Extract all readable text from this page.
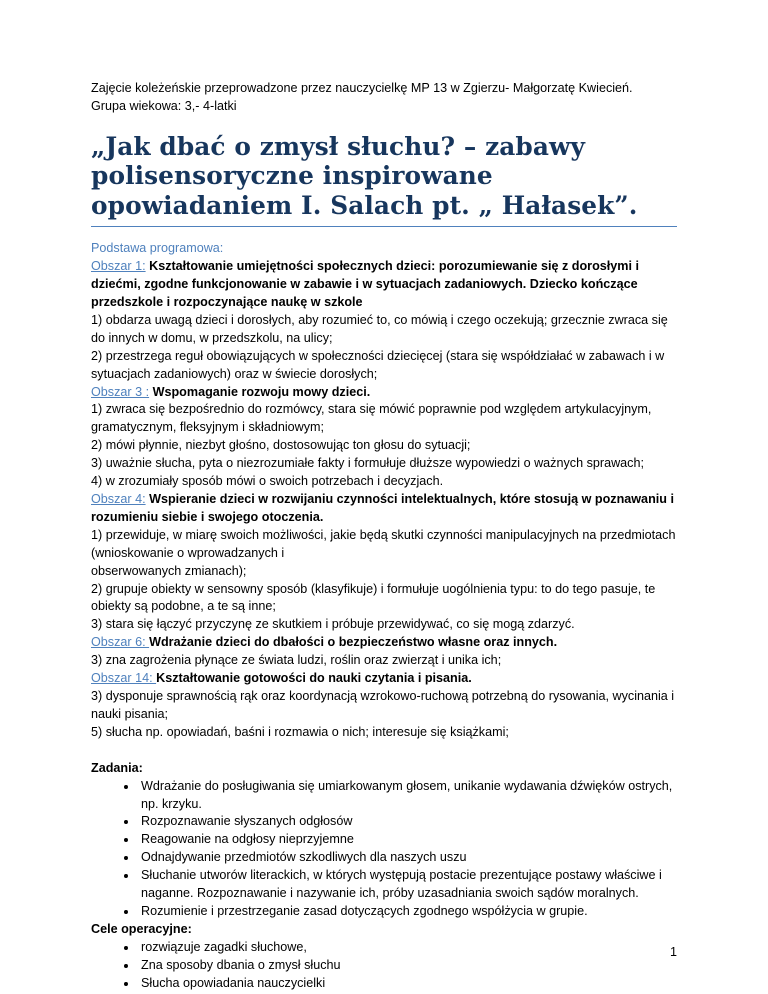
Zajęcie koleżeńskie przeprowadzone przez nauczycielkę MP 13 w Zgierzu- Małgorzatę Kwiecień.

Grupa wiekowa: 3,- 4-latki

„Jak dbać o zmysł słuchu? – zabawy polisensoryczne inspirowane opowiadaniem I. Salach pt. „ Hałasek”.

Podstawa programowa:

Obszar 1: Kształtowanie umiejętności społecznych dzieci: porozumiewanie się z dorosłymi i dziećmi, zgodne funkcjonowanie w zabawie i w sytuacjach zadaniowych. Dziecko kończące przedszkole i rozpoczynające naukę w szkole

1) obdarza uwagą dzieci i dorosłych, aby rozumieć to, co mówią i czego oczekują; grzecznie zwraca się do innych w domu, w przedszkolu, na ulicy;

2) przestrzega reguł obowiązujących w społeczności dziecięcej (stara się współdziałać w zabawach i w sytuacjach zadaniowych) oraz w świecie dorosłych;

Obszar 3 : Wspomaganie rozwoju mowy dzieci.

1) zwraca się bezpośrednio do rozmówcy, stara się mówić poprawnie pod względem artykulacyjnym, gramatycznym, fleksyjnym i składniowym;

2) mówi płynnie, niezbyt głośno, dostosowując ton głosu do sytuacji;

3) uważnie słucha, pyta o niezrozumiałe fakty i formułuje dłuższe wypowiedzi o ważnych sprawach;

4) w zrozumiały sposób mówi o swoich potrzebach i decyzjach.

Obszar 4: Wspieranie dzieci w rozwijaniu czynności intelektualnych, które stosują w poznawaniu i rozumieniu siebie i swojego otoczenia.

1) przewiduje, w miarę swoich możliwości, jakie będą skutki czynności manipulacyjnych na przedmiotach (wnioskowanie o wprowadzanych i

obserwowanych zmianach);

2) grupuje obiekty w sensowny sposób (klasyfikuje) i formułuje uogólnienia typu: to do tego pasuje, te obiekty są podobne, a te są inne;

3) stara się łączyć przyczynę ze skutkiem i próbuje przewidywać, co się mogą zdarzyć.

Obszar 6: Wdrażanie dzieci do dbałości o bezpieczeństwo własne oraz innych.

3) zna zagrożenia płynące ze świata ludzi, roślin oraz zwierząt i unika ich;

Obszar 14: Kształtowanie gotowości do nauki czytania i pisania.

3) dysponuje sprawnością rąk oraz koordynacją wzrokowo-ruchową potrzebną do rysowania, wycinania i nauki pisania;

5) słucha np. opowiadań, baśni i rozmawia o nich; interesuje się książkami;

Zadania:

• Wdrażanie do posługiwania się umiarkowanym głosem, unikanie wydawania dźwięków ostrych, np. krzyku.
• Rozpoznawanie słyszanych odgłosów
• Reagowanie na odgłosy nieprzyjemne
• Odnajdywanie przedmiotów szkodliwych dla naszych uszu
• Słuchanie utworów literackich, w których występują postacie prezentujące postawy właściwe i naganne. Rozpoznawanie i nazywanie ich, próby uzasadniania swoich sądów moralnych.
• Rozumienie i przestrzeganie zasad dotyczących zgodnego współżycia w grupie.

Cele operacyjne:

• rozwiązuje zagadki słuchowe,
• Zna sposoby dbania o zmysł słuchu
• Słucha opowiadania nauczycielki
1
